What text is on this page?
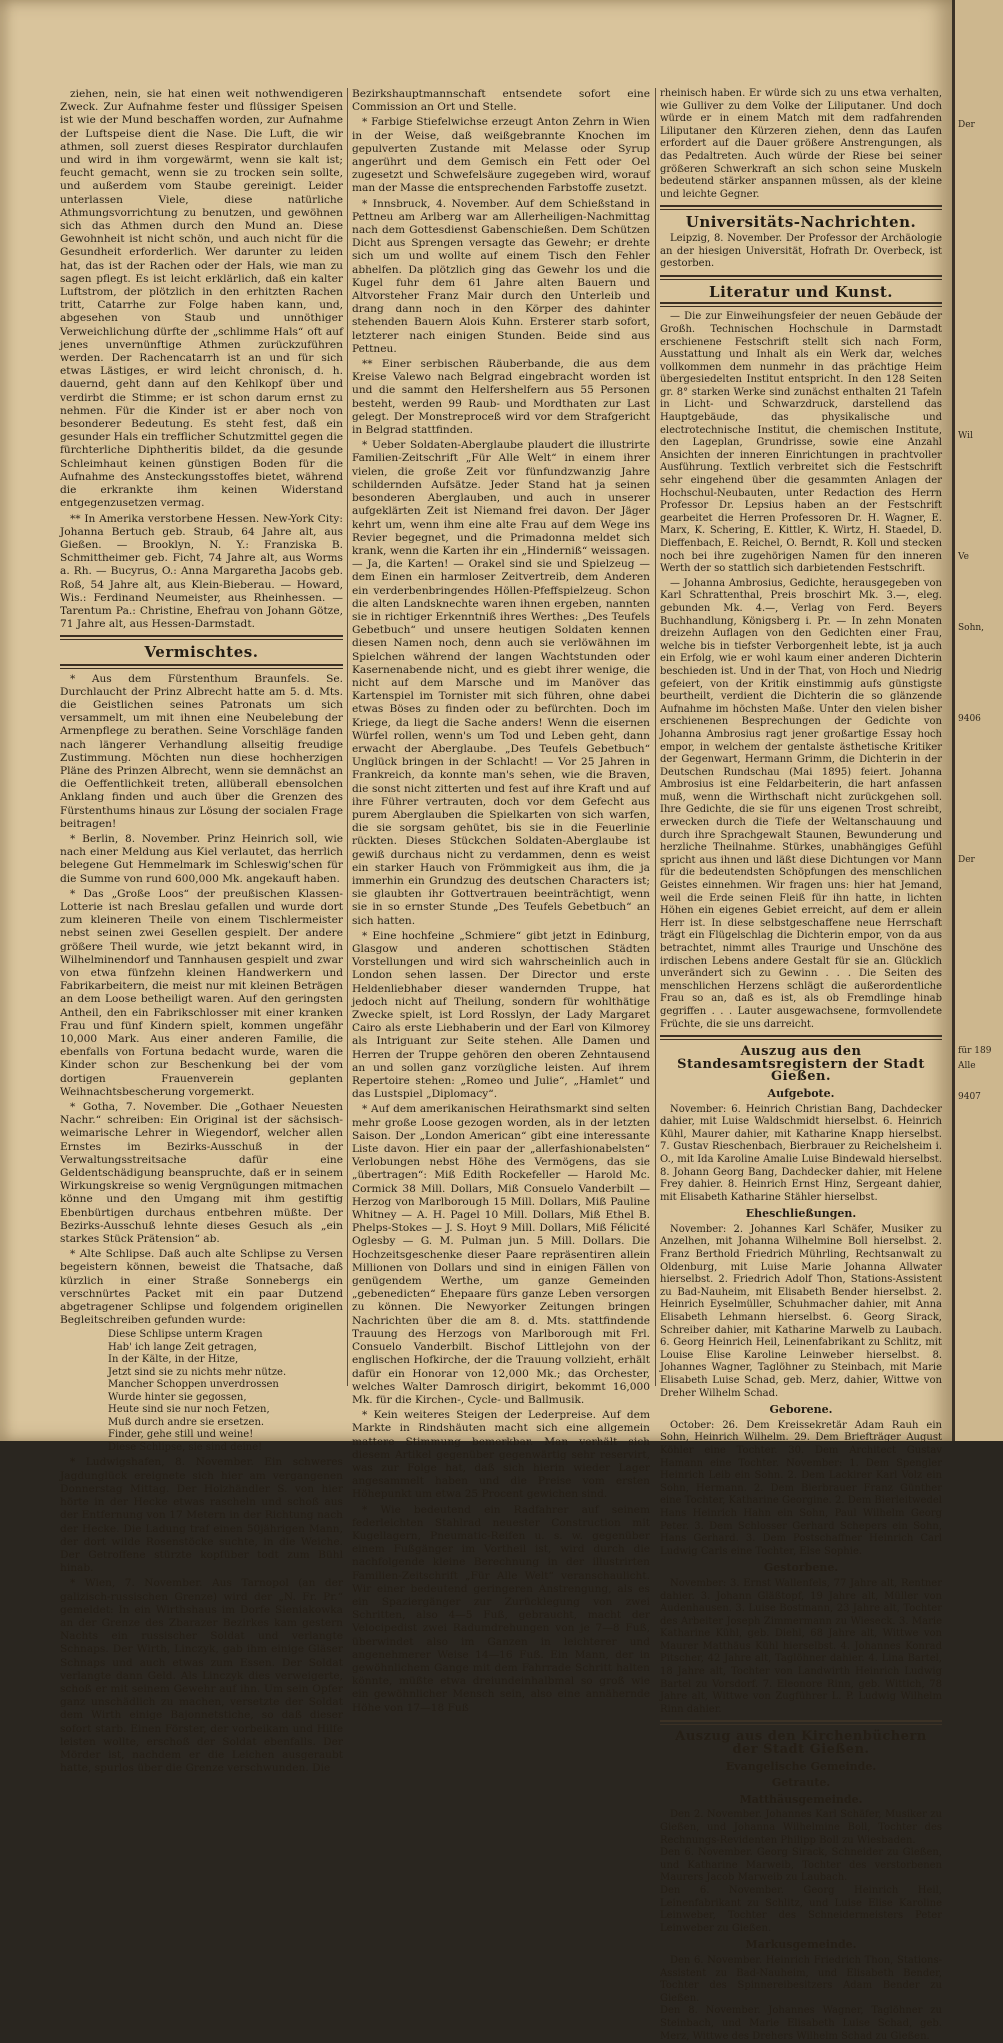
ziehen, nein, sie hat einen weit nothwendigeren Zweck. Zur Aufnahme fester und flüssiger Speisen ist wie der Mund beschaffen worden, zur Aufnahme der Luftspeise dient die Nase. Die Luft, die wir athmen, soll zuerst dieses Respirator durchlaufen und wird in ihm vorgewärmt, wenn sie kalt ist; feucht gemacht, wenn sie zu trocken sein sollte, und außerdem vom Staube gereinigt. Leider unterlassen Viele, diese natürliche Athmungsvorrichtung zu benutzen, und gewöhnen sich das Athmen durch den Mund an. Diese Gewohnheit ist nicht schön, und auch nicht für die Gesundheit erforderlich. Wer darunter zu leiden hat, das ist der Rachen oder der Hals, wie man zu sagen pflegt. Es ist leicht erklärlich, daß ein kalter Luftstrom, der plötzlich in den erhitzten Rachen tritt, Catarrhe zur Folge haben kann, und, abgesehen von Staub und unnöthiger Verweichlichung dürfte der „schlimme Hals“ oft auf jenes unvernünftige Athmen zurückzuführen werden. Der Rachencatarrh ist an und für sich etwas Lästiges, er wird leicht chronisch, d. h. dauernd, geht dann auf den Kehlkopf über und verdirbt die Stimme; er ist schon darum ernst zu nehmen. Für die Kinder ist er aber noch von besonderer Bedeutung. Es steht fest, daß ein gesunder Hals ein trefflicher Schutzmittel gegen die fürchterliche Diphtheritis bildet, da die gesunde Schleimhaut keinen günstigen Boden für die Aufnahme des Ansteckungsstoffes bietet, während die erkrankte ihm keinen Widerstand entgegenzusetzen vermag.

** In Amerika verstorbene Hessen. New-York City: Johanna Bertuch geb. Straub, 64 Jahre alt, aus Gießen. — Brooklyn, N. Y.: Franziska B. Schmittheimer geb. Ficht, 74 Jahre alt, aus Worms a. Rh. — Bucyrus, O.: Anna Margaretha Jacobs geb. Roß, 54 Jahre alt, aus Klein-Bieberau. — Howard, Wis.: Ferdinand Neumeister, aus Rheinhessen. — Tarentum Pa.: Christine, Ehefrau von Johann Götze, 71 Jahre alt, aus Hessen-Darmstadt.

Vermischtes.

* Aus dem Fürstenthum Braunfels. Se. Durchlaucht der Prinz Albrecht hatte am 5. d. Mts. die Geistlichen seines Patronats um sich versammelt, um mit ihnen eine Neubelebung der Armenpflege zu berathen. Seine Vorschläge fanden nach längerer Verhandlung allseitig freudige Zustimmung. Möchten nun diese hochherzigen Pläne des Prinzen Albrecht, wenn sie demnächst an die Oeffentlichkeit treten, allüberall ebensolchen Anklang finden und auch über die Grenzen des Fürstenthums hinaus zur Lösung der socialen Frage beitragen!

* Berlin, 8. November. Prinz Heinrich soll, wie nach einer Meldung aus Kiel verlautet, das herrlich belegene Gut Hemmelmark im Schleswig'schen für die Summe von rund 600,000 Mk. angekauft haben.

* Das „Große Loos“ der preußischen Klassen-Lotterie ist nach Breslau gefallen und wurde dort zum kleineren Theile von einem Tischlermeister nebst seinen zwei Gesellen gespielt. Der andere größere Theil wurde, wie jetzt bekannt wird, in Wilhelminendorf und Tannhausen gespielt und zwar von etwa fünfzehn kleinen Handwerkern und Fabrikarbeitern, die meist nur mit kleinen Beträgen an dem Loose betheiligt waren. Auf den geringsten Antheil, den ein Fabrikschlosser mit einer kranken Frau und fünf Kindern spielt, kommen ungefähr 10,000 Mark. Aus einer anderen Familie, die ebenfalls von Fortuna bedacht wurde, waren die Kinder schon zur Beschenkung bei der vom dortigen Frauenverein geplanten Weihnachtsbescherung vorgemerkt.

* Gotha, 7. November. Die „Gothaer Neuesten Nachr.“ schreiben: Ein Original ist der sächsisch-weimarische Lehrer in Wiegendorf, welcher allen Ernstes im Bezirks-Ausschuß in der Verwaltungsstreitsache dafür eine Geldentschädigung beanspruchte, daß er in seinem Wirkungskreise so wenig Vergnügungen mitmachen könne und den Umgang mit ihm gestiftig Ebenbürtigen durchaus entbehren müßte. Der Bezirks-Ausschuß lehnte dieses Gesuch als „ein starkes Stück Prätension“ ab.

* Alte Schlipse. Daß auch alte Schlipse zu Versen begeistern können, beweist die Thatsache, daß kürzlich in einer Straße Sonnebergs ein verschnürtes Packet mit ein paar Dutzend abgetragener Schlipse und folgendem originellen Begleitschreiben gefunden wurde:

Diese Schlipse unterm Kragen
Hab' ich lange Zeit getragen,
In der Kälte, in der Hitze,
Jetzt sind sie zu nichts mehr nütze.
Mancher Schoppen unverdrossen
Wurde hinter sie gegossen,
Heute sind sie nur noch Fetzen,
Muß durch andre sie ersetzen.
Finder, gehe still und weine!
Diese Schlipse, sie sind deine!

* Ludwigshafen, 8. November. Ein schweres Jagdunglück ereignete sich hier am vergangenen Donnerstag Mittag. Der Holzhändler S. von hier hörte in der Hecke etwas rascheln und schoß aus der Entfernung von 17 Metern in der Richtung nach der Hecke. Die Ladung traf einen 50jährigen Mann, der dort wilde Rosenstöcke suchte, in die Weiche. Der Getroffene stürzte kopfüber todt zum Bühl hinab.

* Wien, 7. November. Aus Tarnopol (an der galizisch-russischen Grenze) wird der „N. Fr. Pr.“ gemeldet: In ein Wirthshaus im Dorfe Sieniakowka an der Grenze des Zbarazer Bezirkes kam gestern Nachts ein russischer Soldat und verlangte Schnaps. Der Wirth, Linczyk, gab ihm einige Gläser Schnaps und auch etwas zum Essen. Der Soldat verlangte dann Geld. Als Linczyk dies verweigerte, schoß er mit seinem Gewehr auf ihn. Um sein Opfer ganz unschädlich zu machen, versetzte der Soldat dem Wirth einige Bajonnetstiche, so daß dieser sofort starb. Einen Förster, der vorbeikam und Hilfe leisten wollte, erschoß der Soldat ebenfalls. Der Mörder ist, nachdem er die Leichen ausgeraubt hatte, spurlos über die Grenze verschwunden. Die

Bezirkshauptmannschaft entsendete sofort eine Commission an Ort und Stelle.

* Farbige Stiefelwichse erzeugt Anton Zehrn in Wien in der Weise, daß weißgebrannte Knochen im gepulverten Zustande mit Melasse oder Syrup angerührt und dem Gemisch ein Fett oder Oel zugesetzt und Schwefelsäure zugegeben wird, worauf man der Masse die entsprechenden Farbstoffe zusetzt.

* Innsbruck, 4. November. Auf dem Schießstand in Pettneu am Arlberg war am Allerheiligen-Nachmittag nach dem Gottesdienst Gabenschießen. Dem Schützen Dicht aus Sprengen versagte das Gewehr; er drehte sich um und wollte auf einem Tisch den Fehler abhelfen. Da plötzlich ging das Gewehr los und die Kugel fuhr dem 61 Jahre alten Bauern und Altvorsteher Franz Mair durch den Unterleib und drang dann noch in den Körper des dahinter stehenden Bauern Alois Kuhn. Ersterer starb sofort, letzterer nach einigen Stunden. Beide sind aus Pettneu.

** Einer serbischen Räuberbande, die aus dem Kreise Valewo nach Belgrad eingebracht worden ist und die sammt den Helfershelfern aus 55 Personen besteht, werden 99 Raub- und Mordthaten zur Last gelegt. Der Monstreproceß wird vor dem Strafgericht in Belgrad stattfinden.

* Ueber Soldaten-Aberglaube plaudert die illustrirte Familien-Zeitschrift „Für Alle Welt“ in einem ihrer vielen, die große Zeit vor fünfundzwanzig Jahre schildernden Aufsätze. Jeder Stand hat ja seinen besonderen Aberglauben, und auch in unserer aufgeklärten Zeit ist Niemand frei davon. Der Jäger kehrt um, wenn ihm eine alte Frau auf dem Wege ins Revier begegnet, und die Primadonna meldet sich krank, wenn die Karten ihr ein „Hinderniß“ weissagen. — Ja, die Karten! — Orakel sind sie und Spielzeug — dem Einen ein harmloser Zeitvertreib, dem Anderen ein verderbenbringendes Höllen-Pfeffspielzeug. Schon die alten Landsknechte waren ihnen ergeben, nannten sie in richtiger Erkenntniß ihres Werthes: „Des Teufels Gebetbuch“ und unsere heutigen Soldaten kennen diesen Namen noch, denn auch sie verlöwähnen im Spielchen während der langen Wachtstunden oder Kasernenabende nicht, und es giebt ihrer wenige, die nicht auf dem Marsche und im Manöver das Kartenspiel im Tornister mit sich führen, ohne dabei etwas Böses zu finden oder zu befürchten. Doch im Kriege, da liegt die Sache anders! Wenn die eisernen Würfel rollen, wenn's um Tod und Leben geht, dann erwacht der Aberglaube. „Des Teufels Gebetbuch“ Unglück bringen in der Schlacht! — Vor 25 Jahren in Frankreich, da konnte man's sehen, wie die Braven, die sonst nicht zitterten und fest auf ihre Kraft und auf ihre Führer vertrauten, doch vor dem Gefecht aus purem Aberglauben die Spielkarten von sich warfen, die sie sorgsam gehütet, bis sie in die Feuerlinie rückten. Dieses Stückchen Soldaten-Aberglaube ist gewiß durchaus nicht zu verdammen, denn es weist ein starker Hauch von Frömmigkeit aus ihm, die ja immerhin ein Grundzug des deutschen Characters ist; sie glaubten ihr Gottvertrauen beeinträchtigt, wenn sie in so ernster Stunde „Des Teufels Gebetbuch“ an sich hatten.

* Eine hochfeine „Schmiere“ gibt jetzt in Edinburg, Glasgow und anderen schottischen Städten Vorstellungen und wird sich wahrscheinlich auch in London sehen lassen. Der Director und erste Heldenliebhaber dieser wandernden Truppe, hat jedoch nicht auf Theilung, sondern für wohlthätige Zwecke spielt, ist Lord Rosslyn, der Lady Margaret Cairo als erste Liebhaberin und der Earl von Kilmorey als Intriguant zur Seite stehen. Alle Damen und Herren der Truppe gehören den oberen Zehntausend an und sollen ganz vorzügliche leisten. Auf ihrem Repertoire stehen: „Romeo und Julie“, „Hamlet“ und das Lustspiel „Diplomacy“.

* Auf dem amerikanischen Heirathsmarkt sind selten mehr große Loose gezogen worden, als in der letzten Saison. Der „London American“ gibt eine interessante Liste davon. Hier ein paar der „allerfashionabelsten“ Verlobungen nebst Höhe des Vermögens, das sie „übertragen“: Miß Edith Rockefeller — Harold Mc. Cormick 38 Mill. Dollars, Miß Consuelo Vanderbilt — Herzog von Marlborough 15 Mill. Dollars, Miß Pauline Whitney — A. H. Pagel 10 Mill. Dollars, Miß Ethel B. Phelps-Stokes — J. S. Hoyt 9 Mill. Dollars, Miß Félicité Oglesby — G. M. Pulman jun. 5 Mill. Dollars. Die Hochzeitsgeschenke dieser Paare repräsentiren allein Millionen von Dollars und sind in einigen Fällen von genügendem Werthe, um ganze Gemeinden „gebenedicten“ Ehepaare fürs ganze Leben versorgen zu können. Die Newyorker Zeitungen bringen Nachrichten über die am 8. d. Mts. stattfindende Trauung des Herzogs von Marlborough mit Frl. Consuelo Vanderbilt. Bischof Littlejohn von der englischen Hofkirche, der die Trauung vollzieht, erhält dafür ein Honorar von 12,000 Mk.; das Orchester, welches Walter Damrosch dirigirt, bekommt 16,000 Mk. für die Kirchen-, Cycle- und Ballmusik.

* Kein weiteres Steigen der Lederpreise. Auf dem Markte in Rindshäuten macht sich eine allgemein mattere Stimmung bemerkbar. Man verhält sich diesem Artikel gegenüber gegenwärtig sehr reservirt, was zur Folge hat, daß sich hierin wieder Lager angesammelt haben und die Preise vom ersten Höhepunkt um etwa 25 Procent gewichen sind.

* Wie bedeutend ein Radfahrer auf seinem federleichten Stahlrad neuester Construction mit Kugellagern, Pneumatic-Reifen u. s. w. gegenüber einem Fußgänger im Vortheil ist, wird durch die nachfolgende kleine Berechnung in der illustrirten Familien-Zeitschrift „Für Alle Welt“ veranschaulicht. Wir einer bedeutend geringeren Anstrengung, als es ein Spaziergänger zur Zurücklegung von zwei Schritten, also 4—5 Fuß, gebraucht, macht der Velocipedist zwei Radumdrehungen von je 7—8 Fuß, überwindet also im Ganzen in leichterer und angenehmerer Weise 14—16 Fuß. Ein Mann, der in gewöhnlichem Gange mit dem Fahrrade Schritt halten könnte, müßte etwa dreiundeinhalbmal so groß wie ein gewöhnlicher Mensch sein, also eine annähernde Höhe von 17—18 Fuß

rheinisch haben. Er würde sich zu uns etwa verhalten, wie Gulliver zu dem Volke der Liliputaner. Und doch würde er in einem Match mit dem radfahrenden Liliputaner den Kürzeren ziehen, denn das Laufen erfordert auf die Dauer größere Anstrengungen, als das Pedaltreten. Auch würde der Riese bei seiner größeren Schwerkraft an sich schon seine Muskeln bedeutend stärker anspannen müssen, als der kleine und leichte Gegner.

Universitäts-Nachrichten.

Leipzig, 8. November. Der Professor der Archäologie an der hiesigen Universität, Hofrath Dr. Overbeck, ist gestorben.

Literatur und Kunst.

— Die zur Einweihungsfeier der neuen Gebäude der Großh. Technischen Hochschule in Darmstadt erschienene Festschrift stellt sich nach Form, Ausstattung und Inhalt als ein Werk dar, welches vollkommen dem nunmehr in das prächtige Heim übergesiedelten Institut entspricht. In den 128 Seiten gr. 8° starken Werke sind zunächst enthalten 21 Tafeln in Licht- und Schwarzdruck, darstellend das Hauptgebäude, das physikalische und electrotechnische Institut, die chemischen Institute, den Lageplan, Grundrisse, sowie eine Anzahl Ansichten der inneren Einrichtungen in prachtvoller Ausführung. Textlich verbreitet sich die Festschrift sehr eingehend über die gesammten Anlagen der Hochschul-Neubauten, unter Redaction des Herrn Professor Dr. Lepsius haben an der Festschrift gearbeitet die Herren Professoren Dr. H. Wagner, E. Marx, K. Schering, E. Kittler, K. Wirtz, H. Staedel, D. Dieffenbach, E. Reichel, O. Berndt, R. Koll und stecken noch bei ihre zugehörigen Namen für den inneren Werth der so stattlich sich darbietenden Festschrift.

— Johanna Ambrosius, Gedichte, herausgegeben von Karl Schrattenthal, Preis broschirt Mk. 3.—, eleg. gebunden Mk. 4.—, Verlag von Ferd. Beyers Buchhandlung, Königsberg i. Pr. — In zehn Monaten dreizehn Auflagen von den Gedichten einer Frau, welche bis in tiefster Verborgenheit lebte, ist ja auch ein Erfolg, wie er wohl kaum einer anderen Dichterin beschieden ist. Und in der That, von Hoch und Niedrig gefeiert, von der Kritik einstimmig aufs günstigste beurtheilt, verdient die Dichterin die so glänzende Aufnahme im höchsten Maße. Unter den vielen bisher erschienenen Besprechungen der Gedichte von Johanna Ambrosius ragt jener großartige Essay hoch empor, in welchem der gentalste ästhetische Kritiker der Gegenwart, Hermann Grimm, die Dichterin in der Deutschen Rundschau (Mai 1895) feiert. Johanna Ambrosius ist eine Feldarbeiterin, die hart anfassen muß, wenn die Wirthschaft nicht zurückgehen soll. Ihre Gedichte, die sie für uns eigenen Trost schreibt, erwecken durch die Tiefe der Weltanschauung und durch ihre Sprachgewalt Staunen, Bewunderung und herzliche Theilnahme. Stürkes, unabhängiges Gefühl spricht aus ihnen und läßt diese Dichtungen vor Mann für die bedeutendsten Schöpfungen des menschlichen Geistes einnehmen. Wir fragen uns: hier hat Jemand, weil die Erde seinen Fleiß für ihn hatte, in lichten Höhen ein eigenes Gebiet erreicht, auf dem er allein Herr ist. In diese selbstgeschaffene neue Herrschaft trägt ein Flügelschlag die Dichterin empor, von da aus betrachtet, nimmt alles Traurige und Unschöne des irdischen Lebens andere Gestalt für sie an. Glücklich unverändert sich zu Gewinn . . . Die Seiten des menschlichen Herzens schlägt die außerordentliche Frau so an, daß es ist, als ob Fremdlinge hinab gegriffen . . . Lauter ausgewachsene, formvollendete Früchte, die sie uns darreicht.

Auszug aus den Standesamtsregistern der Stadt Gießen.
Aufgebote.

November: 6. Heinrich Christian Bang, Dachdecker dahier, mit Luise Waldschmidt hierselbst. 6. Heinrich Kühl, Maurer dahier, mit Katharine Knapp hierselbst. 7. Gustav Rieschenbach, Bierbrauer zu Reichelsheim i. O., mit Ida Karoline Amalie Luise Bindewald hierselbst. 8. Johann Georg Bang, Dachdecker dahier, mit Helene Frey dahier. 8. Heinrich Ernst Hinz, Sergeant dahier, mit Elisabeth Katharine Stähler hierselbst.

Eheschließungen.

November: 2. Johannes Karl Schäfer, Musiker zu Anzelhen, mit Johanna Wilhelmine Boll hierselbst. 2. Franz Berthold Friedrich Mührling, Rechtsanwalt zu Oldenburg, mit Luise Marie Johanna Allwater hierselbst. 2. Friedrich Adolf Thon, Stations-Assistent zu Bad-Nauheim, mit Elisabeth Bender hierselbst. 2. Heinrich Eyselmüller, Schuhmacher dahier, mit Anna Elisabeth Lehmann hierselbst. 6. Georg Sirack, Schreiber dahier, mit Katharine Marwelb zu Laubach. 6. Georg Heinrich Heil, Leinenfabrikant zu Schlitz, mit Louise Elise Karoline Leinweber hierselbst. 8. Johannes Wagner, Taglöhner zu Steinbach, mit Marie Elisabeth Luise Schad, geb. Merz, dahier, Wittwe von Dreher Wilhelm Schad.

Geborene.

October: 26. Dem Kreissekretär Adam Rauh ein Sohn, Heinrich Wilhelm. 29. Dem Briefträger August Köhler eine Tochter. 30. Dem Architect Gustav Hamann eine Tochter. November: 1. Dem Spengler Heinrich Leib ein Sohn. 2. Dem Lackirer Karl Volz ein Sohn, Hermann. 2. Dem Bierbrauer Franz Günther eine Tochter, Katharine Georgine. 2. Dem Bierleitwedel Hans Heinrich Hahn ein Sohn, Paul Wilhelm Georg Peter. 3. Dem Schlosser Gerhard Schepers ein Sohn, Hans Gerhard. 3. Dem Postschaffner Heinrich Carl Ludwig Carls eine Tochter, Else Sophie.

Gestorbene.

November: 3. Ernst Wallenfels, 77 Jahre alt, Rentner dahier. 3. Johann Gläßtopf, 19 Jahre alt, Müller von Audenhausen. 3. Luise Bostmann, 23 Jahre alt, Tochter des Arbeiter Joseph Zimmermann zu Wieseck. 3. Marie Katharine Kühl, geb. Diehl, 68 Jahre alt, Wittwe von Maurer Matthäus Kühl hierselbst. 4. Johannes Konrad Pitscher, 42 Jahre alt, Taglöhner dahier. 4. Lina Bartel, 18 Jahre alt, Tochter von Landwirth Heinrich Ludwig Bartel zu Vorsdorf. 7. Eleonore Rinn, geb. Wittich, 78 Jahre alt, Wittwe von Zugführer L. P. Ludwig Wilhelm Rinn dahier.

Auszug aus den Kirchenbüchern der Stadt Gießen.
Evangelische Gemeinde.
Getraute.
Matthäusgemeinde.

Den 2. November. Johannes Karl Schäfer, Musiker zu Gießen, und Johanna Wilhelmine Boll, Tochter des Rechnungs-Revidenten Philipp Boll zu Wiesbaden.
Den 6. November. Georg Sirack, Schneider zu Gießen, und Katharine Marweib, Tochter des verstorbenen Maurers Jacob Marweib zu Laubach.
Den 6. November. Georg Heinrich Heil, Leinenfabrikant zu Schlitz, und Luise Elise Karoline Leinweber, Tochter des Schneidermeisters Peter Leinweber zu Gießen.

Markusgemeinde.

Den 6. November. Heinrich Friedrich Thon, Stations-Assistent zu Bad-Nauheim, und Elisabeth Bender, Tochter des Spinnereibesitzers Adam Bender zu Gießen.
Den 8. November. Johannes Wagner, Taglöhner zu Steinbach, und Marie Elisabeth Luise Schad, geb. Merz, Wittwe des Drehers Wilhelm Schad zu Gießen.

Der
Wil
Ve
Sohn,
9406
Der
für 189
Alle
9407
